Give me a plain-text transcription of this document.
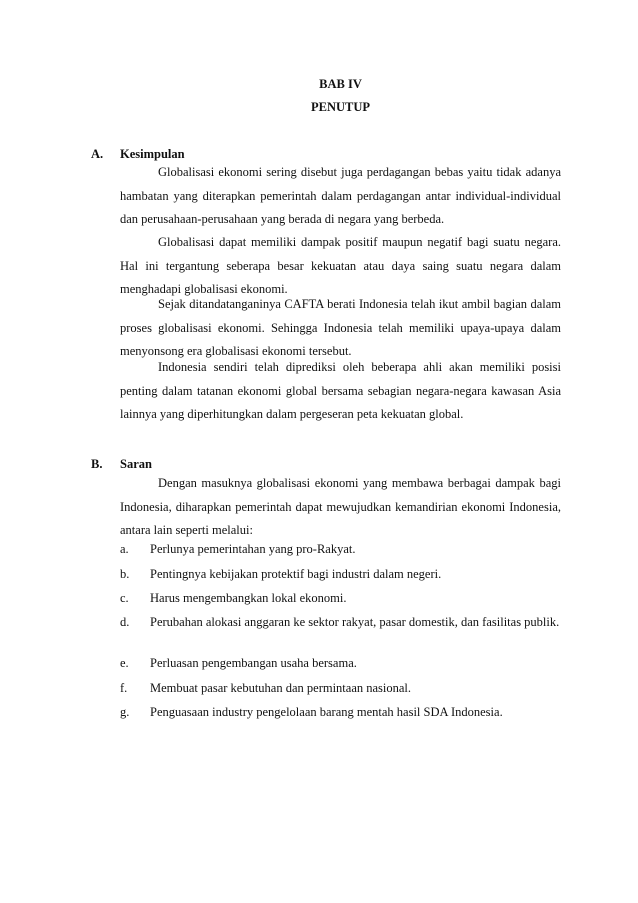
BAB IV
PENUTUP
A. Kesimpulan

Globalisasi ekonomi sering disebut juga perdagangan bebas yaitu tidak adanya hambatan yang diterapkan pemerintah dalam perdagangan antar individual-individual dan perusahaan-perusahaan yang berada di negara yang berbeda.

Globalisasi dapat memiliki dampak positif maupun negatif bagi suatu negara. Hal ini tergantung seberapa besar kekuatan atau daya saing suatu negara dalam menghadapi globalisasi ekonomi.

Sejak ditandatanganinya CAFTA berati Indonesia telah ikut ambil bagian dalam proses globalisasi ekonomi. Sehingga Indonesia telah memiliki upaya-upaya dalam menyonsong era globalisasi ekonomi tersebut.

Indonesia sendiri telah diprediksi oleh beberapa ahli akan memiliki posisi penting dalam tatanan ekonomi global bersama sebagian negara-negara kawasan Asia lainnya yang diperhitungkan dalam pergeseran peta kekuatan global.

B. Saran

Dengan masuknya globalisasi ekonomi yang membawa berbagai dampak bagi Indonesia, diharapkan pemerintah dapat mewujudkan kemandirian ekonomi Indonesia, antara lain seperti melalui:

a.	Perlunya pemerintahan yang pro-Rakyat.
b.	Pentingnya kebijakan protektif bagi industri dalam negeri.
c.	Harus mengembangkan lokal ekonomi.
d.	Perubahan alokasi anggaran ke sektor rakyat, pasar domestik, dan fasilitas publik.
e.	Perluasan pengembangan usaha bersama.
f.	Membuat pasar kebutuhan dan permintaan nasional.
g.	Penguasaan industry pengelolaan barang mentah hasil SDA Indonesia.
